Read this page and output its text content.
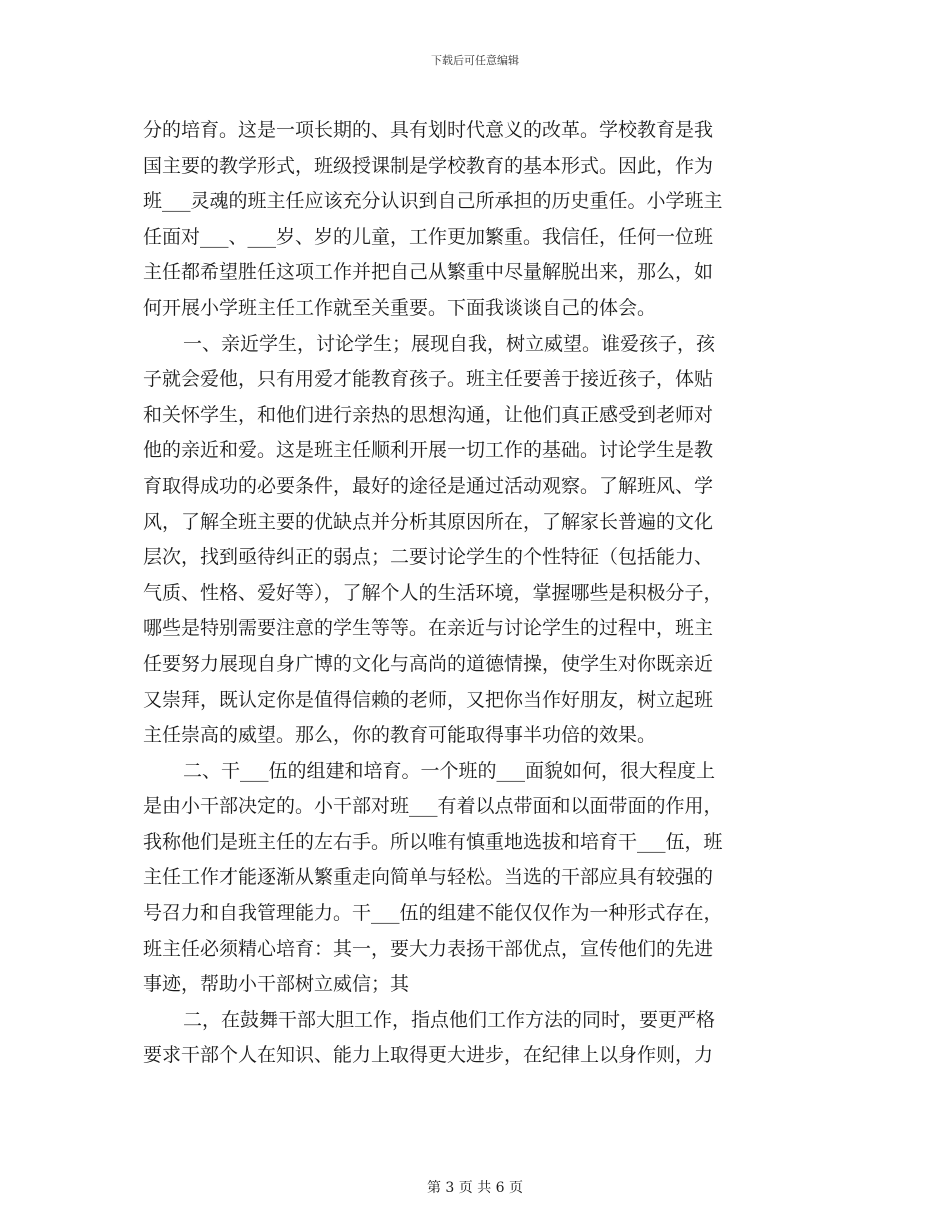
下载后可任意编辑
分的培育。这是一项长期的、具有划时代意义的改革。学校教育是我
国主要的教学形式，班级授课制是学校教育的基本形式。因此，作为
班___灵魂的班主任应该充分认识到自己所承担的历史重任。小学班主
任面对___、___岁、岁的儿童，工作更加繁重。我信任，任何一位班
主任都希望胜任这项工作并把自己从繁重中尽量解脱出来，那么，如
何开展小学班主任工作就至关重要。下面我谈谈自己的体会。
一、亲近学生，讨论学生；展现自我，树立威望。谁爱孩子，孩
子就会爱他，只有用爱才能教育孩子。班主任要善于接近孩子，体贴
和关怀学生，和他们进行亲热的思想沟通，让他们真正感受到老师对
他的亲近和爱。这是班主任顺利开展一切工作的基础。讨论学生是教
育取得成功的必要条件，最好的途径是通过活动观察。了解班风、学
风，了解全班主要的优缺点并分析其原因所在，了解家长普遍的文化
层次，找到亟待纠正的弱点；二要讨论学生的个性特征（包括能力、
气质、性格、爱好等），了解个人的生活环境，掌握哪些是积极分子，
哪些是特别需要注意的学生等等。在亲近与讨论学生的过程中，班主
任要努力展现自身广博的文化与高尚的道德情操，使学生对你既亲近
又崇拜，既认定你是值得信赖的老师，又把你当作好朋友，树立起班
主任崇高的威望。那么，你的教育可能取得事半功倍的效果。
二、干___伍的组建和培育。一个班的___面貌如何，很大程度上
是由小干部决定的。小干部对班___有着以点带面和以面带面的作用，
我称他们是班主任的左右手。所以唯有慎重地选拔和培育干___伍，班
主任工作才能逐渐从繁重走向简单与轻松。当选的干部应具有较强的
号召力和自我管理能力。干___伍的组建不能仅仅作为一种形式存在，
班主任必须精心培育：其一，要大力表扬干部优点，宣传他们的先进
事迹，帮助小干部树立威信；其
二，在鼓舞干部大胆工作，指点他们工作方法的同时，要更严格
要求干部个人在知识、能力上取得更大进步，在纪律上以身作则，力
第 3 页 共 6 页
